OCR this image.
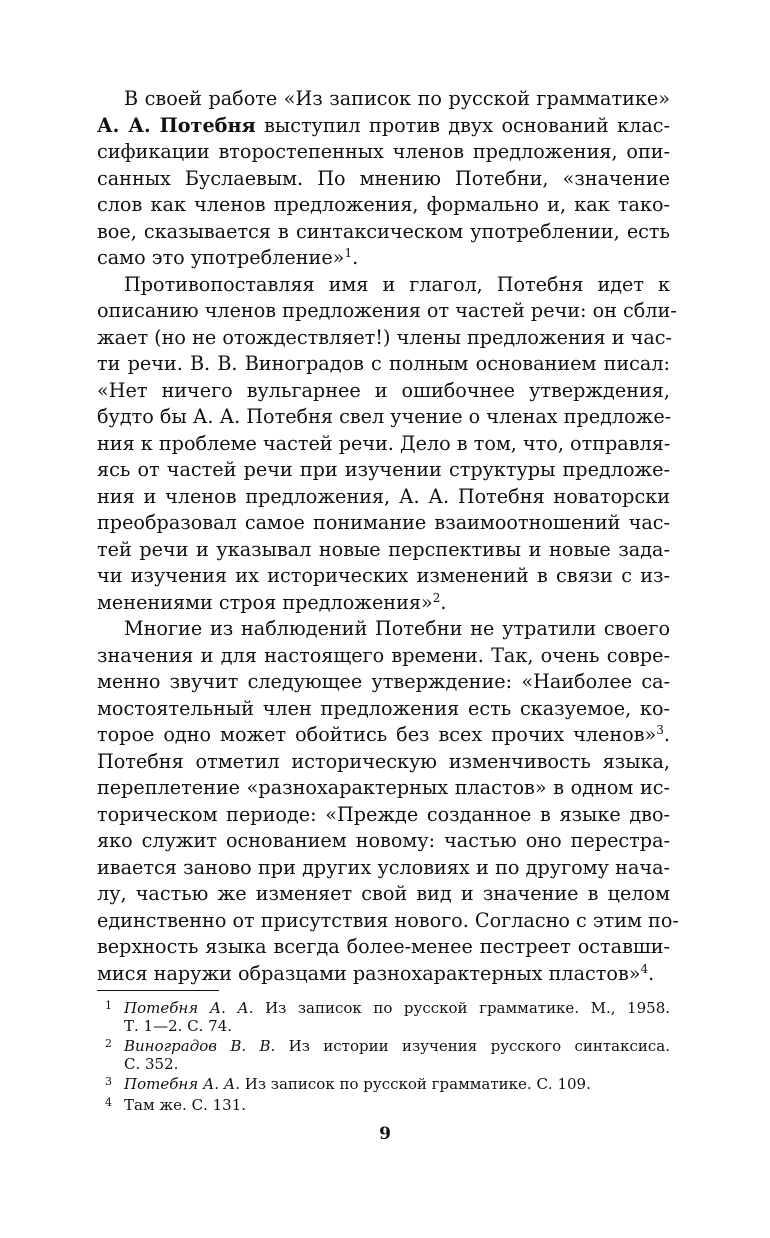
В своей работе «Из записок по русской грамматике»
А. А. Потебня выступил против двух оснований клас-
сификации второстепенных членов предложения, опи-
санных Буслаевым. По мнению Потебни, «значение
слов как членов предложения, формально и, как тако-
вое, сказывается в синтаксическом употреблении, есть
само это употребление»$^1$.
Противопоставляя имя и глагол, Потебня идет к
описанию членов предложения от частей речи: он сбли-
жает (но не отождествляет!) члены предложения и час-
ти речи. В. В. Виноградов с полным основанием писал:
«Нет ничего вульгарнее и ошибочнее утверждения,
будто бы А. А. Потебня свел учение о членах предложе-
ния к проблеме частей речи. Дело в том, что, отправля-
ясь от частей речи при изучении структуры предложе-
ния и членов предложения, А. А. Потебня новаторски
преобразовал самое понимание взаимоотношений час-
тей речи и указывал новые перспективы и новые зада-
чи изучения их исторических изменений в связи с из-
менениями строя предложения»$^2$.
Многие из наблюдений Потебни не утратили своего
значения и для настоящего времени. Так, очень совре-
менно звучит следующее утверждение: «Наиболее са-
мостоятельный член предложения есть сказуемое, ко-
торое одно может обойтись без всех прочих членов»$^3$.
Потебня отметил историческую изменчивость языка,
переплетение «разнохарактерных пластов» в одном ис-
торическом периоде: «Прежде созданное в языке дво-
яко служит основанием новому: частью оно перестра-
ивается заново при других условиях и по другому нача-
лу, частью же изменяет свой вид и значение в целом
единственно от присутствия нового. Согласно с этим по-
верхность языка всегда более-менее пестреет оставши-
мися наружи образцами разнохарактерных пластов»$^4$.
1 Потебня А. А. Из записок по русской грамматике. М., 1958.
Т. 1—2. С. 74.
2 Виноградов В. В. Из истории изучения русского синтаксиса.
С. 352.
3 Потебня А. А. Из записок по русской грамматике. С. 109.
4 Там же. С. 131.
9
